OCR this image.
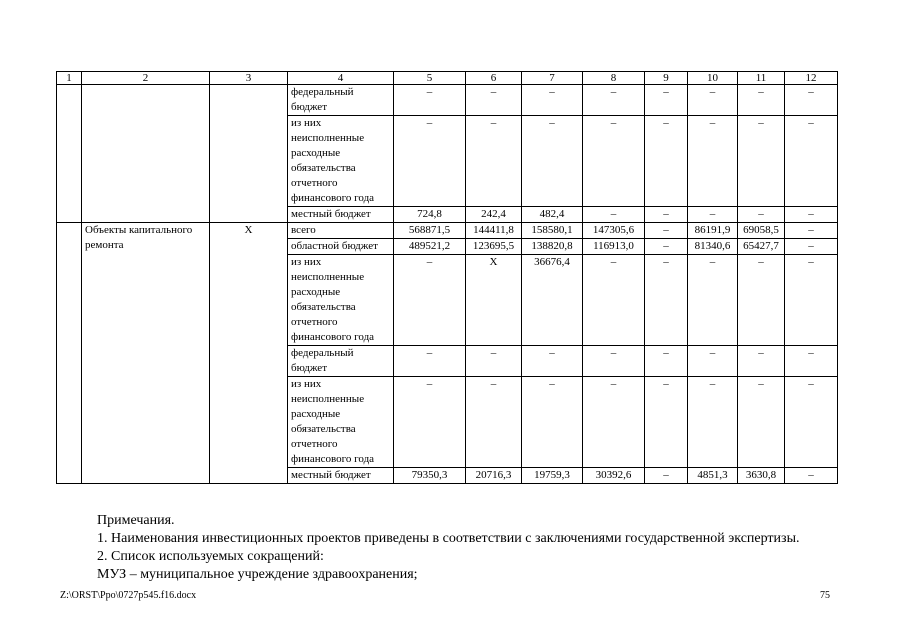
1	2	3	4	5	6	7	8	9	10	11	12
			федеральный бюджет	–	–	–	–	–	–	–	–
			из них неисполненные расходные обязательства отчетного финансового года	–	–	–	–	–	–	–	–
			местный бюджет	724,8	242,4	482,4	–	–	–	–	–
	Объекты капитального ремонта	X	всего	568871,5	144411,8	158580,1	147305,6	–	86191,9	69058,5	–
			областной бюджет	489521,2	123695,5	138820,8	116913,0	–	81340,6	65427,7	–
			из них неисполненные расходные обязательства отчетного финансового года	–	X	36676,4	–	–	–	–	–
			федеральный бюджет	–	–	–	–	–	–	–	–
			из них неисполненные расходные обязательства отчетного финансового года	–	–	–	–	–	–	–	–
			местный бюджет	79350,3	20716,3	19759,3	30392,6	–	4851,3	3630,8	–
Примечания.
1. Наименования инвестиционных проектов приведены в соответствии с заключениями государственной экспертизы.
2. Список используемых сокращений:
МУЗ – муниципальное учреждение здравоохранения;
Z:\ORST\Ppo\0727p545.f16.docx	75
